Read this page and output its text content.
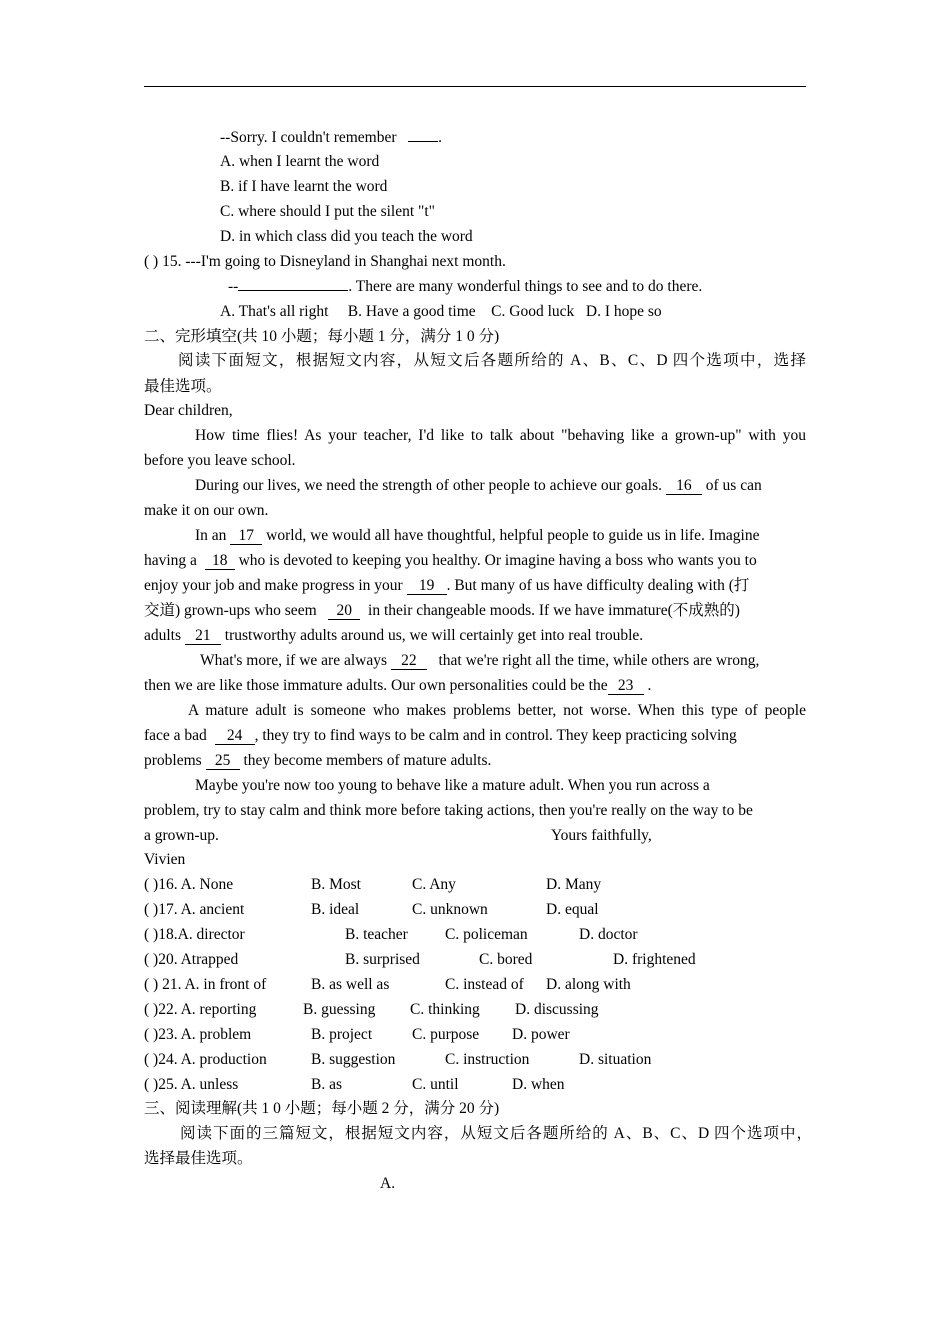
--Sorry. I couldn't remember	.
A. when I learnt the word
B. if I have learnt the word
C. where should I put the silent "t"
D. in which class did you teach the word
( ) 15. ---I'm going to Disneyland in Shanghai next month.
--	. There are many wonderful things to see and to do there.
A. That's all right B. Have a good time C. Good luck D. I hope so
二、完形填空(共 10 小题；每小题 1 分，满分 1 0 分)
阅读下面短文，根据短文内容，从短文后各题所给的 A、B、C、D 四个选项中，选择
最佳选项。
Dear children,
How time flies! As your teacher, I'd like to talk about "behaving like a grown-up" with you
before you leave school.
During our lives, we need the strength of other people to achieve our goals. 16 of us can
make it on our own.
In an 17 world, we would all have thoughtful, helpful people to guide us in life. Imagine
having a 18 who is devoted to keeping you healthy. Or imagine having a boss who wants you to
enjoy your job and make progress in your 19 . But many of us have difficulty dealing with (打
交道) grown-ups who seem 20 in their changeable moods. If we have immature(不成熟的)
adults 21 trustworthy adults around us, we will certainly get into real trouble.
What's more, if we are always 22 that we're right all the time, while others are wrong,
then we are like those immature adults. Our own personalities could be the 23 .
A mature adult is someone who makes problems better, not worse. When this type of people
face a bad 24 , they try to find ways to be calm and in control. They keep practicing solving
problems 25 they become members of mature adults.
Maybe you're now too young to behave like a mature adult. When you run across a
problem, try to stay calm and think more before taking actions, then you're really on the way to be
a grown-up.	Yours faithfully,
Vivien
( )16. A. None	B. Most	C. Any	D. Many
( )17. A. ancient	B. ideal	C. unknown	D. equal
( )18.A. director	B. teacher C. policeman	D. doctor
( )20. Atrapped	B. surprised	C. bored	D. frightened
( ) 21. A. in front of	B. as well as	C. instead of D. along with
( )22. A. reporting	B. guessing C. thinking D. discussing
( )23. A. problem	B. project	C. purpose D. power
( )24. A. production	B. suggestion	C. instruction	D. situation
( )25. A. unless	B. as	C. until	D. when
三、阅读理解(共 1 0 小题；每小题 2 分，满分 20 分)
阅读下面的三篇短文，根据短文内容，从短文后各题所给的 A、B、C、D 四个选项中，
选择最佳选项。
A.
